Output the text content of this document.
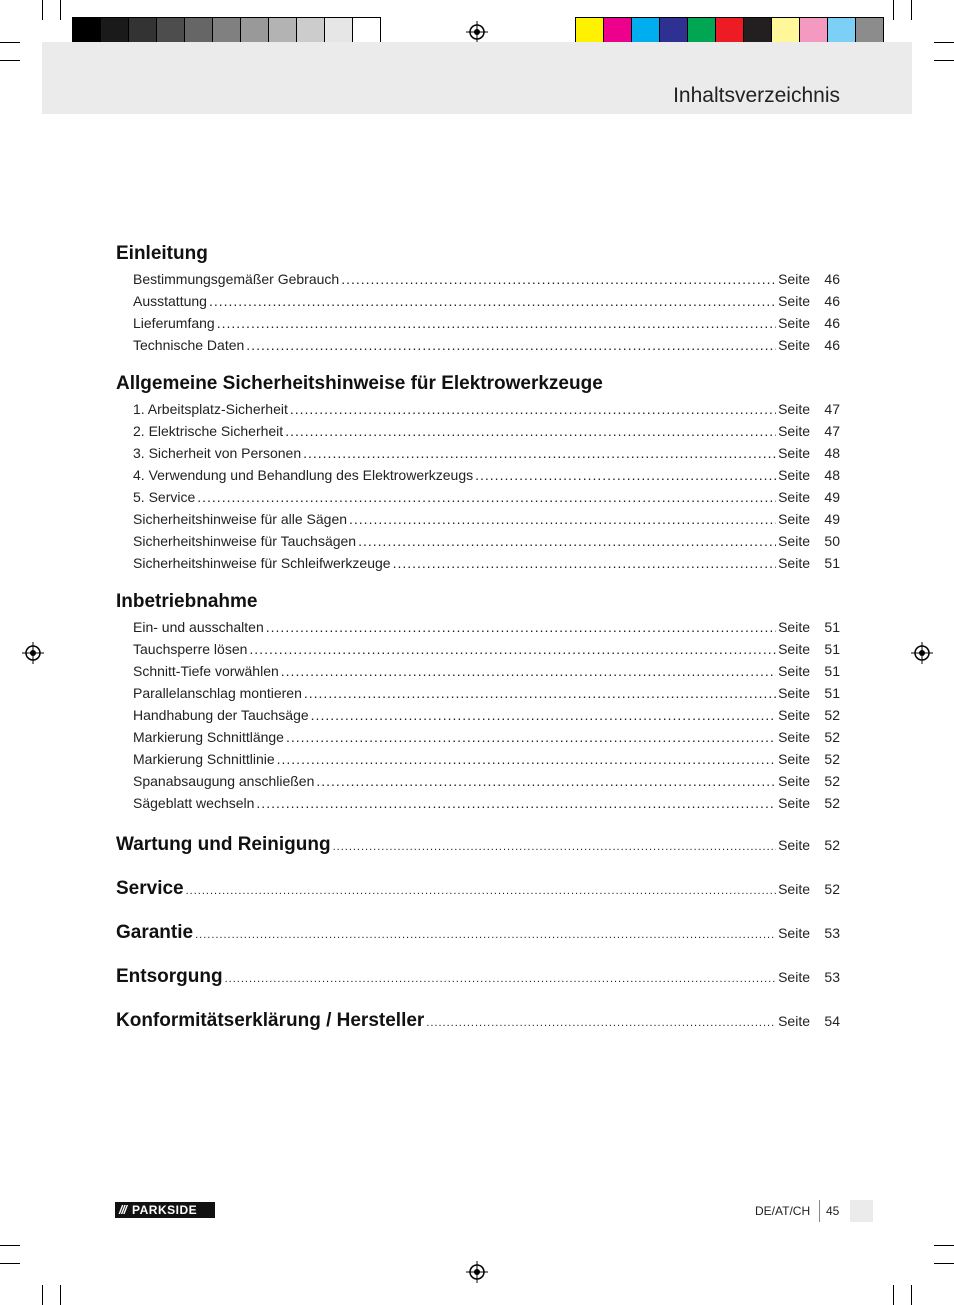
Inhaltsverzeichnis
Einleitung
Bestimmungsgemäßer Gebrauch .....	Seite	46
Ausstattung .....	Seite	46
Lieferumfang .....	Seite	46
Technische Daten .....	Seite	46
Allgemeine Sicherheitshinweise für Elektrowerkzeuge
1. Arbeitsplatz-Sicherheit .....	Seite	47
2. Elektrische Sicherheit .....	Seite	47
3. Sicherheit von Personen .....	Seite	48
4. Verwendung und Behandlung des Elektrowerkzeugs .....	Seite	48
5. Service .....	Seite	49
Sicherheitshinweise für alle Sägen .....	Seite	49
Sicherheitshinweise für Tauchsägen .....	Seite	50
Sicherheitshinweise für Schleifwerkzeuge .....	Seite	51
Inbetriebnahme
Ein- und ausschalten .....	Seite	51
Tauchsperre lösen .....	Seite	51
Schnitt-Tiefe vorwählen .....	Seite	51
Parallelanschlag montieren .....	Seite	51
Handhabung der Tauchsäge .....	Seite	52
Markierung Schnittlänge .....	Seite	52
Markierung Schnittlinie .....	Seite	52
Spanabsaugung anschließen .....	Seite	52
Sägeblatt wechseln .....	Seite	52
Wartung und Reinigung .....	Seite	52
Service .....	Seite	52
Garantie .....	Seite	53
Entsorgung .....	Seite	53
Konformitätserklärung / Hersteller .....	Seite	54
/// PARKSIDE	DE/AT/CH 45
